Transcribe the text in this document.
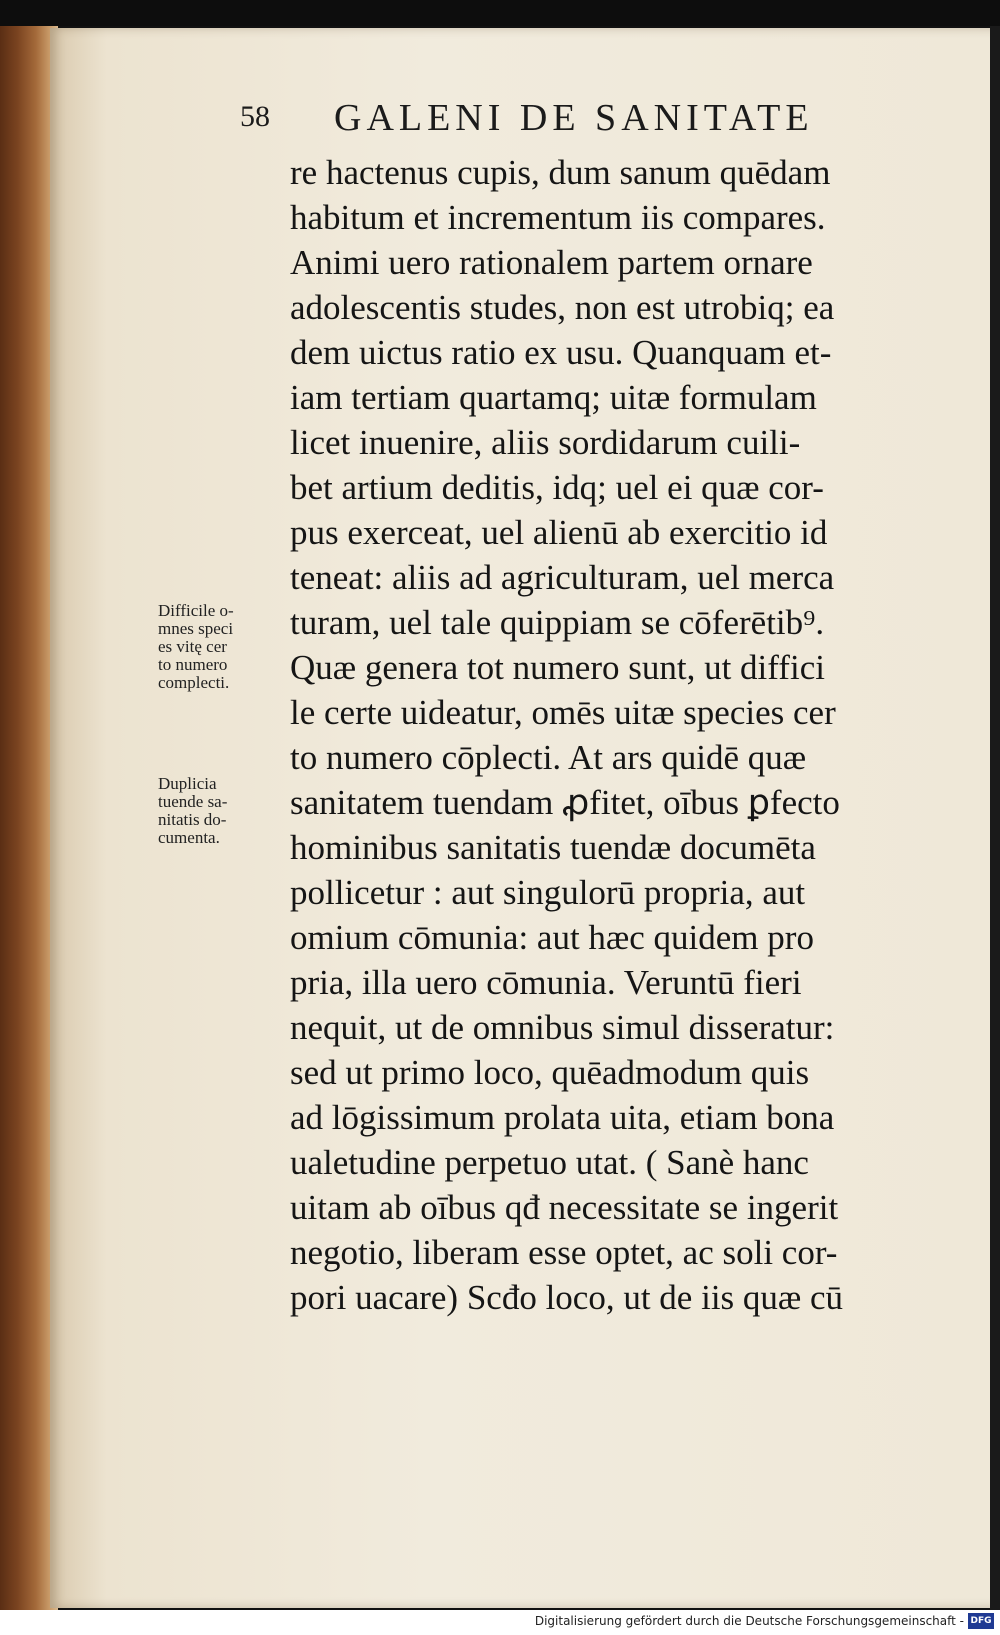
58 GALENI DE SANITATE
re hactenus cupis, dum sanum quēdam
habitum et incrementum iis compares.
Animi uero rationalem partem ornare
adolescentis studes, non est utrobiq; ea
dem uictus ratio ex usu. Quanquam et-
iam tertiam quartamq; uitæ formulam
licet inuenire, aliis sordidarum cuili-
bet artium deditis, idq; uel ei quæ cor-
pus exerceat, uel alienū ab exercitio id
teneat: aliis ad agriculturam, uel merca
turam, uel tale quippiam se cōferētib⁹.
Quæ genera tot numero sunt, ut diffici
le certe uideatur, omēs uitæ species cer
to numero cōplecti. At ars quidē quæ
sanitatem tuendam ꝓfitet, oībus ꝑfecto
hominibus sanitatis tuendæ documēta
pollicetur : aut singulorū propria, aut
omium cōmunia: aut hæc quidem pro
pria, illa uero cōmunia. Veruntū fieri
nequit, ut de omnibus simul disseratur:
sed ut primo loco, quēadmodum quis
ad lōgissimum prolata uita, etiam bona
ualetudine perpetuo utat. ( Sanè hanc
uitam ab oībus qđ necessitate se ingerit
negotio, liberam esse optet, ac soli cor-
pori uacare) Scđo loco, ut de iis quæ cū
Difficile o-
mnes speci
es vitę cer
to numero
complecti.
Duplicia
tuende sa-
nitatis do-
cumenta.
Digitalisierung gefördert durch die Deutsche Forschungsgemeinschaft - DFG
